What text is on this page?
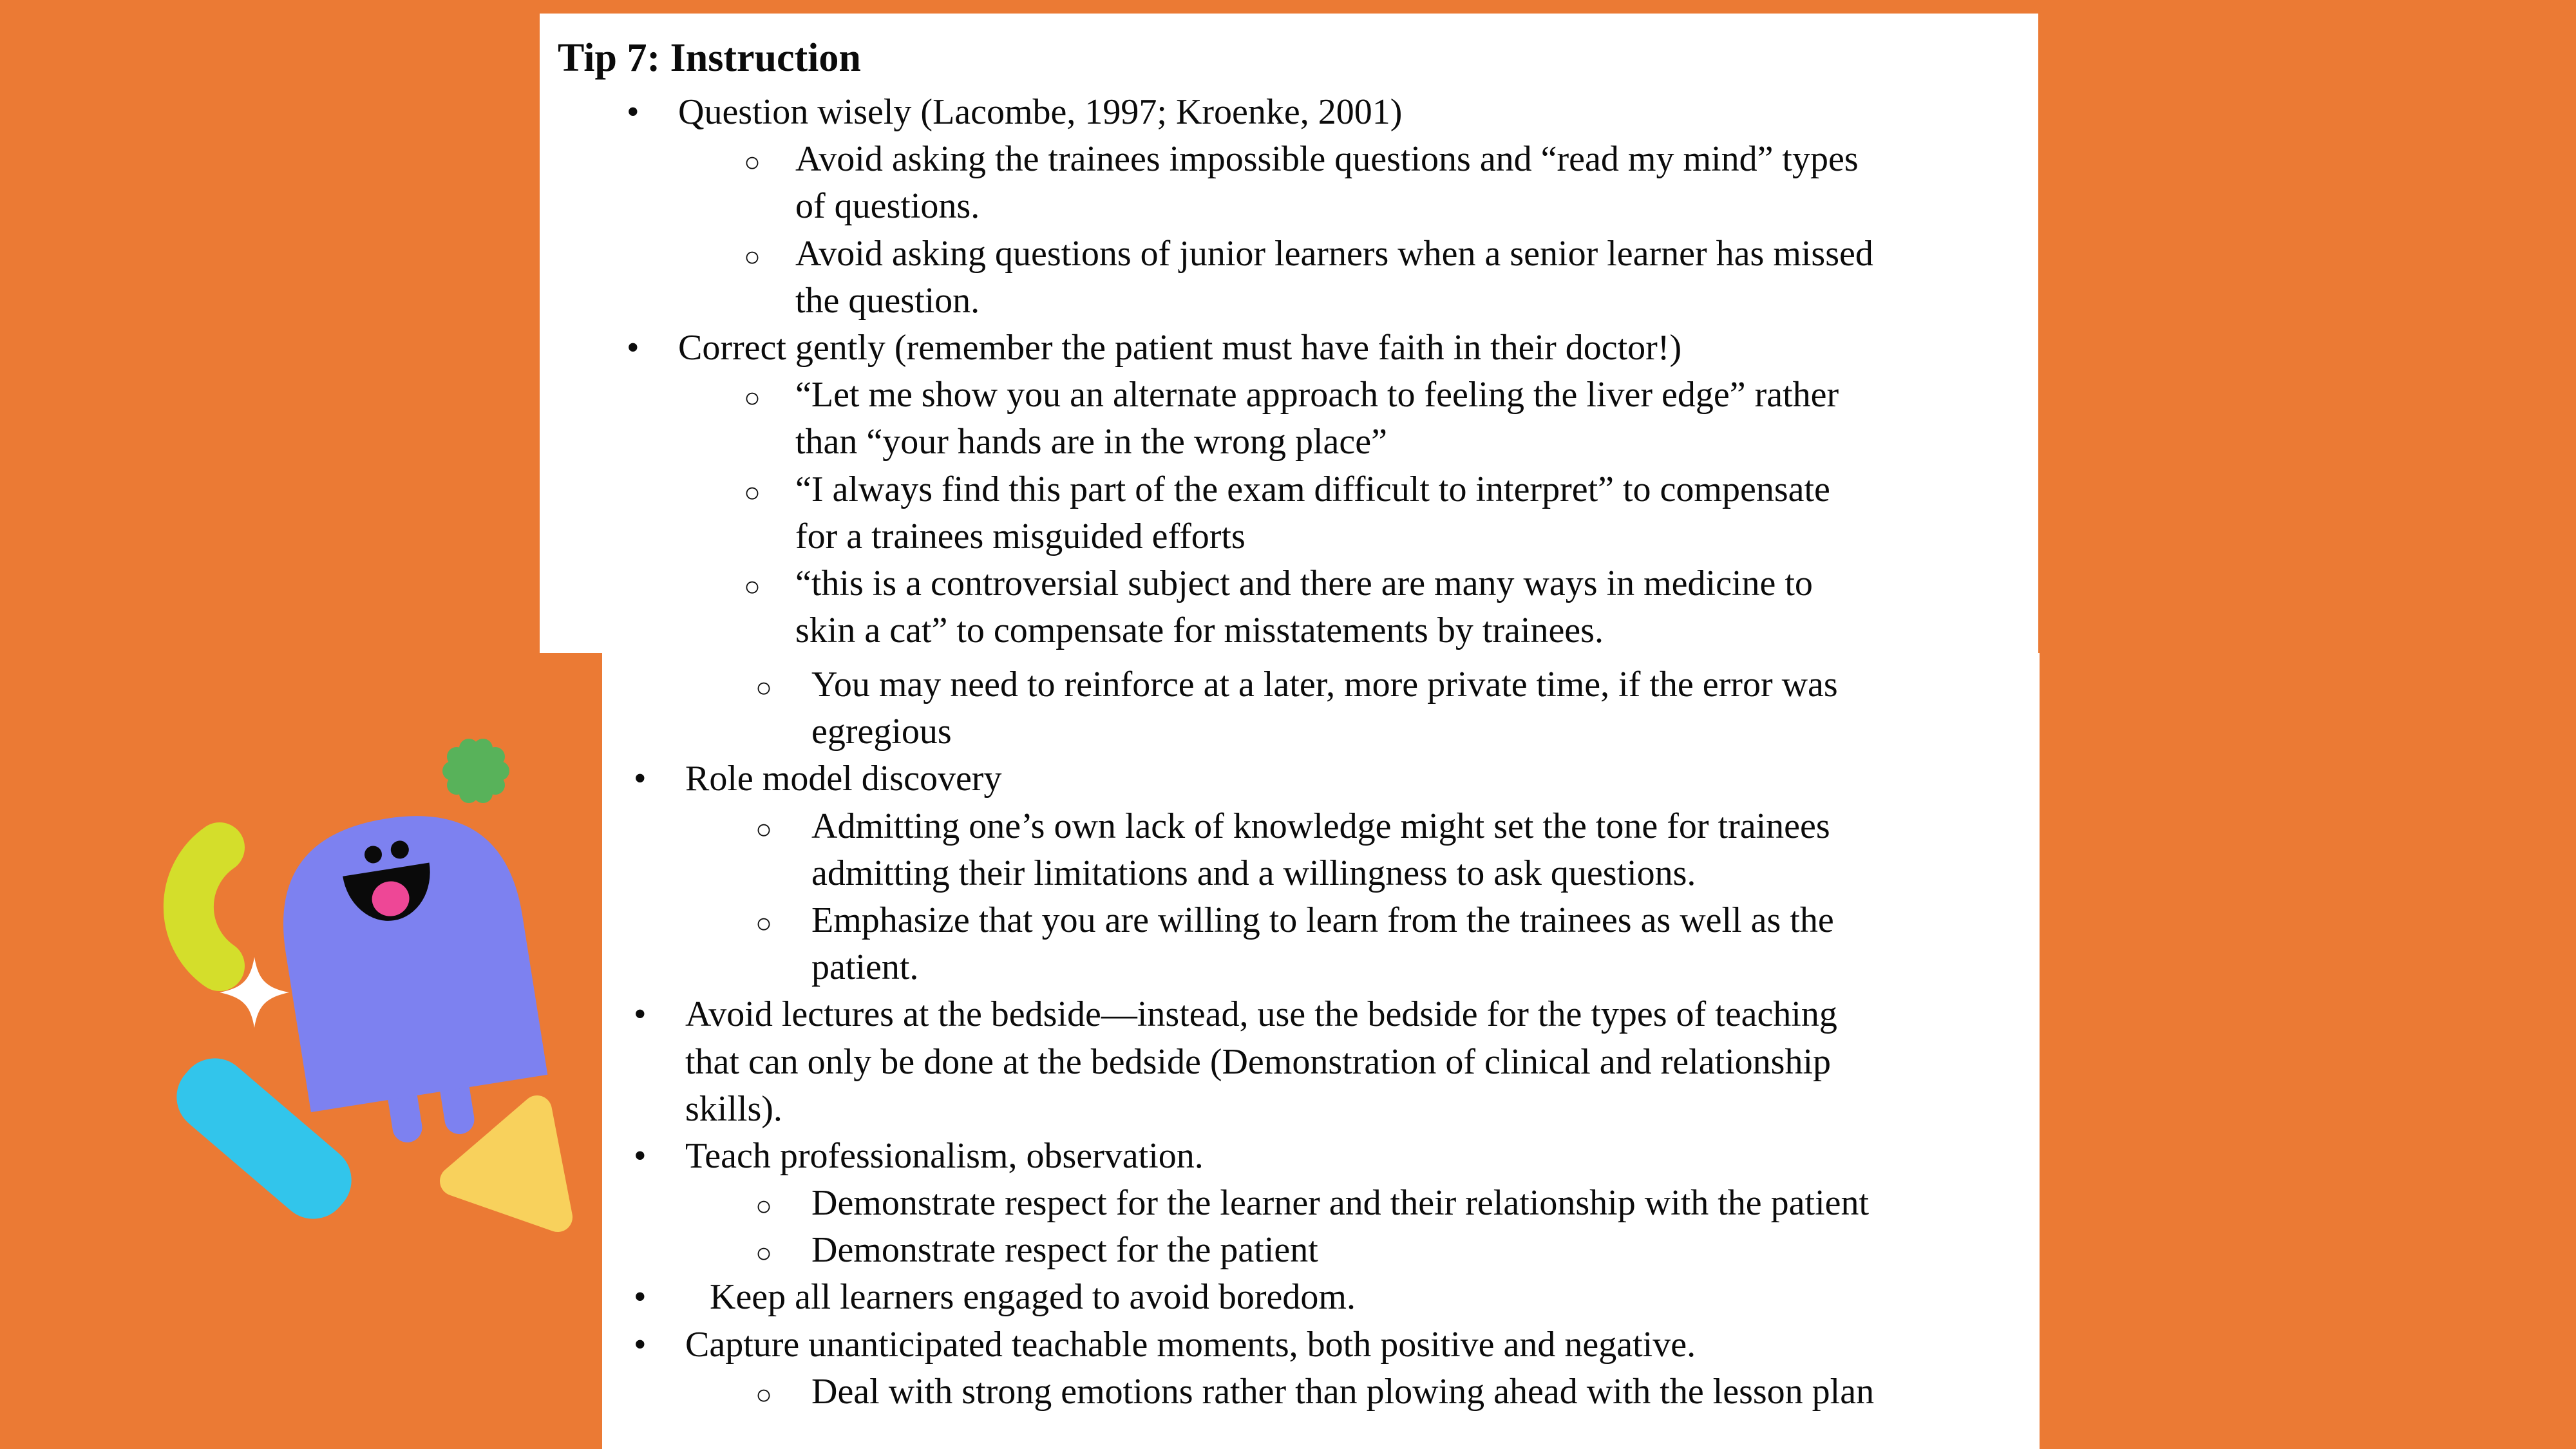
Tip 7: Instruction
• Question wisely (Lacombe, 1997; Kroenke, 2001)
○ Avoid asking the trainees impossible questions and “read my mind” types
of questions.
○ Avoid asking questions of junior learners when a senior learner has missed
the question.
• Correct gently (remember the patient must have faith in their doctor!)
○ “Let me show you an alternate approach to feeling the liver edge” rather
than “your hands are in the wrong place”
○ “I always find this part of the exam difficult to interpret” to compensate
for a trainees misguided efforts
○ “this is a controversial subject and there are many ways in medicine to
skin a cat” to compensate for misstatements by trainees.
○ You may need to reinforce at a later, more private time, if the error was
egregious
• Role model discovery
○ Admitting one’s own lack of knowledge might set the tone for trainees
admitting their limitations and a willingness to ask questions.
○ Emphasize that you are willing to learn from the trainees as well as the
patient.
• Avoid lectures at the bedside—instead, use the bedside for the types of teaching
that can only be done at the bedside (Demonstration of clinical and relationship
skills).
• Teach professionalism, observation.
○ Demonstrate respect for the learner and their relationship with the patient
○ Demonstrate respect for the patient
• Keep all learners engaged to avoid boredom.
• Capture unanticipated teachable moments, both positive and negative.
○ Deal with strong emotions rather than plowing ahead with the lesson plan
